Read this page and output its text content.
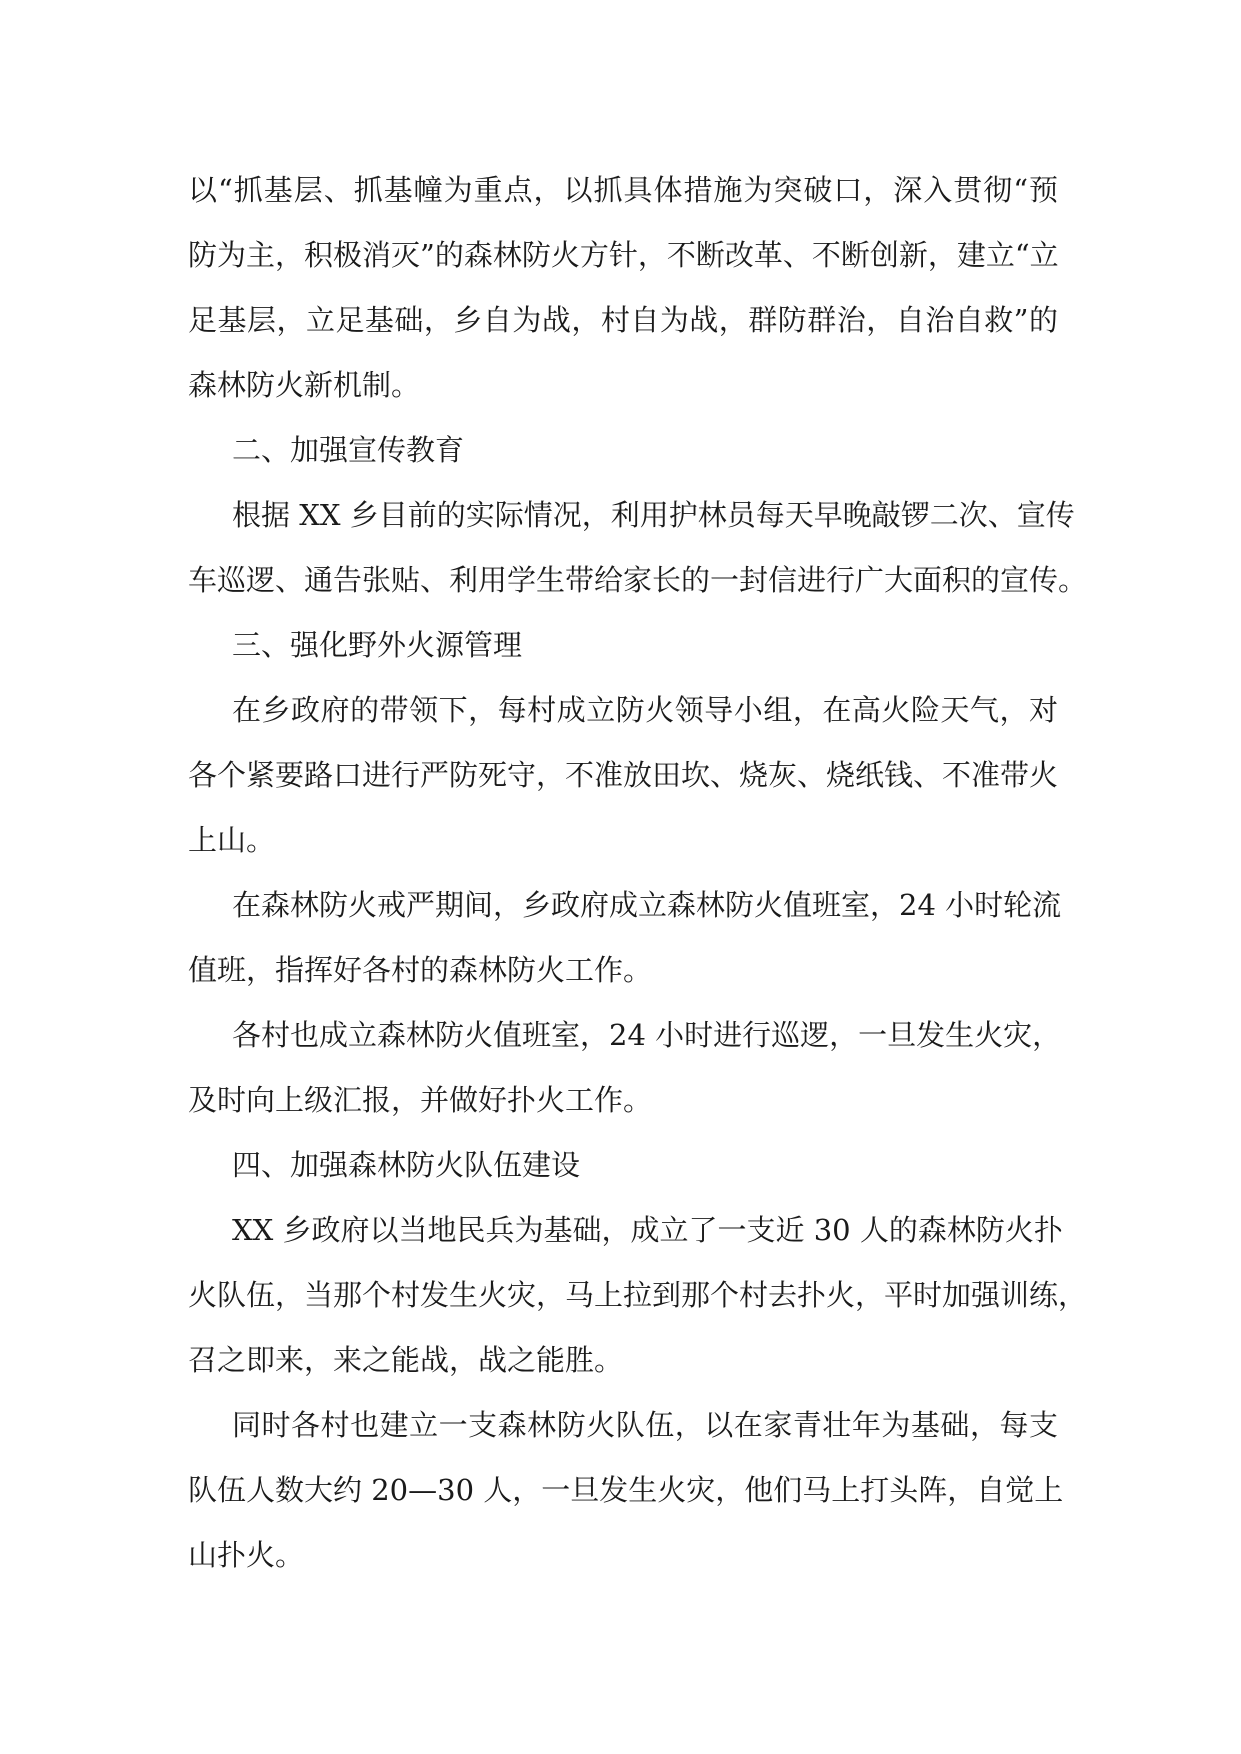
以“抓基层、抓基幢为重点，以抓具体措施为突破口，深入贯彻“预
防为主，积极消灭”的森林防火方针，不断改革、不断创新，建立“立
足基层，立足基础，乡自为战，村自为战，群防群治，自治自救”的
森林防火新机制。
二、加强宣传教育
根据 XX 乡目前的实际情况，利用护林员每天早晚敲锣二次、宣传
车巡逻、通告张贴、利用学生带给家长的一封信进行广大面积的宣传。
三、强化野外火源管理
在乡政府的带领下，每村成立防火领导小组，在高火险天气，对
各个紧要路口进行严防死守，不准放田坎、烧灰、烧纸钱、不准带火
上山。
在森林防火戒严期间，乡政府成立森林防火值班室，24 小时轮流
值班，指挥好各村的森林防火工作。
各村也成立森林防火值班室，24 小时进行巡逻，一旦发生火灾，
及时向上级汇报，并做好扑火工作。
四、加强森林防火队伍建设
XX 乡政府以当地民兵为基础，成立了一支近 30 人的森林防火扑
火队伍，当那个村发生火灾，马上拉到那个村去扑火，平时加强训练，
召之即来，来之能战，战之能胜。
同时各村也建立一支森林防火队伍，以在家青壮年为基础，每支
队伍人数大约 20—30 人，一旦发生火灾，他们马上打头阵，自觉上
山扑火。
